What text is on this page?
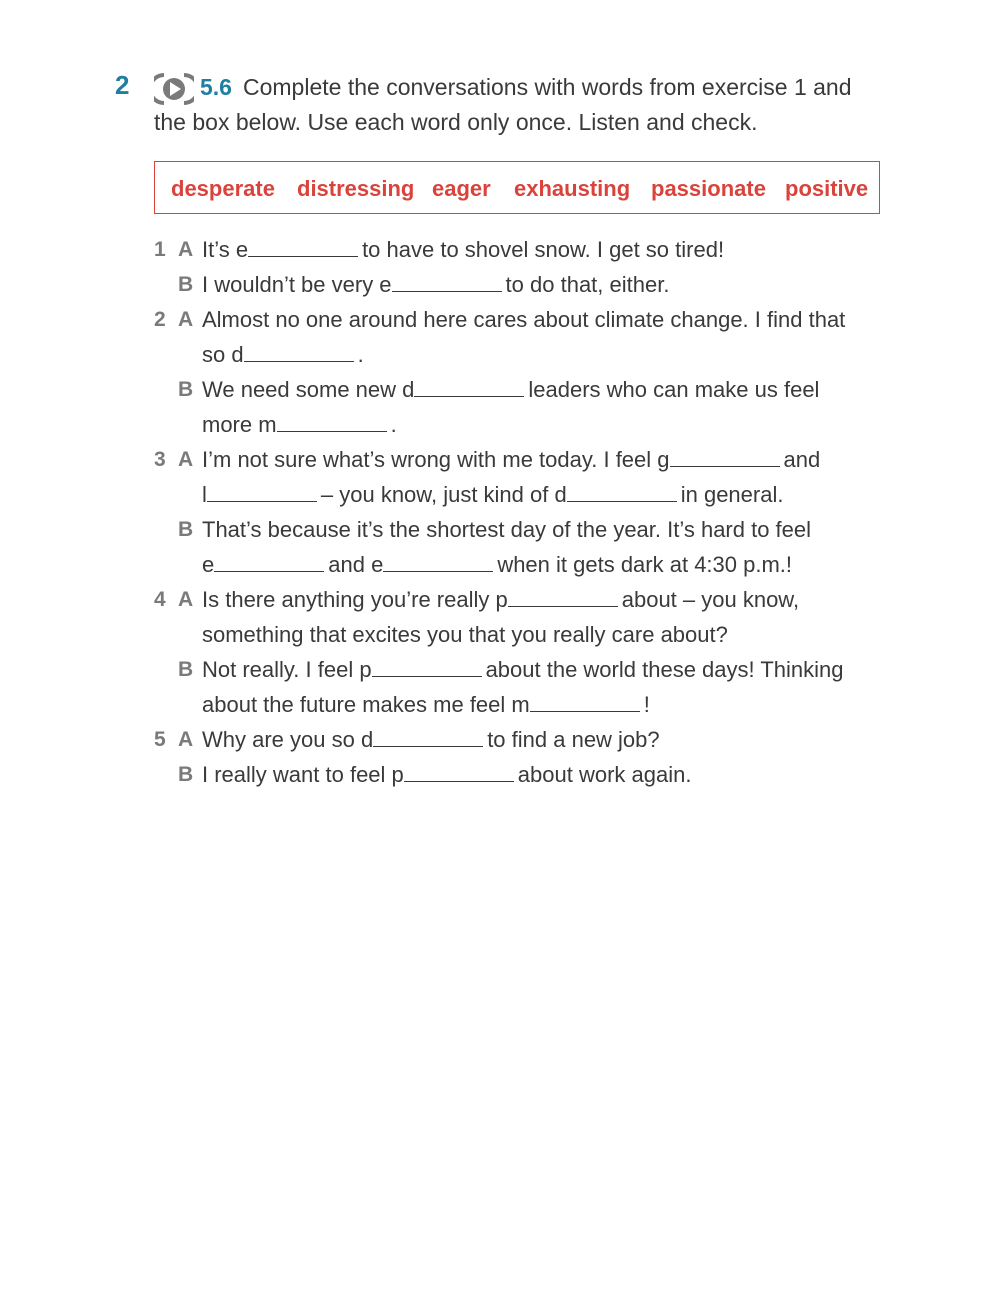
2	5.6 Complete the conversations with words from exercise 1 and
the box below. Use each word only once. Listen and check.
desperate distressing eager exhausting passionate positive
1 A It’s e	to have to shovel snow. I get so tired!
B I wouldn’t be very e	to do that, either.
2 A Almost no one around here cares about climate change. I find that
so d	.
B We need some new d	leaders who can make us feel
more m	.
3 A I’m not sure what’s wrong with me today. I feel g	and
l	– you know, just kind of d	in general.
B That’s because it’s the shortest day of the year. It’s hard to feel
e	and e	when it gets dark at 4:30 p.m.!
4 A Is there anything you’re really p	about – you know,
something that excites you that you really care about?
B Not really. I feel p	about the world these days! Thinking
about the future makes me feel m	!
5 A Why are you so d	to find a new job?
B I really want to feel p	about work again.
